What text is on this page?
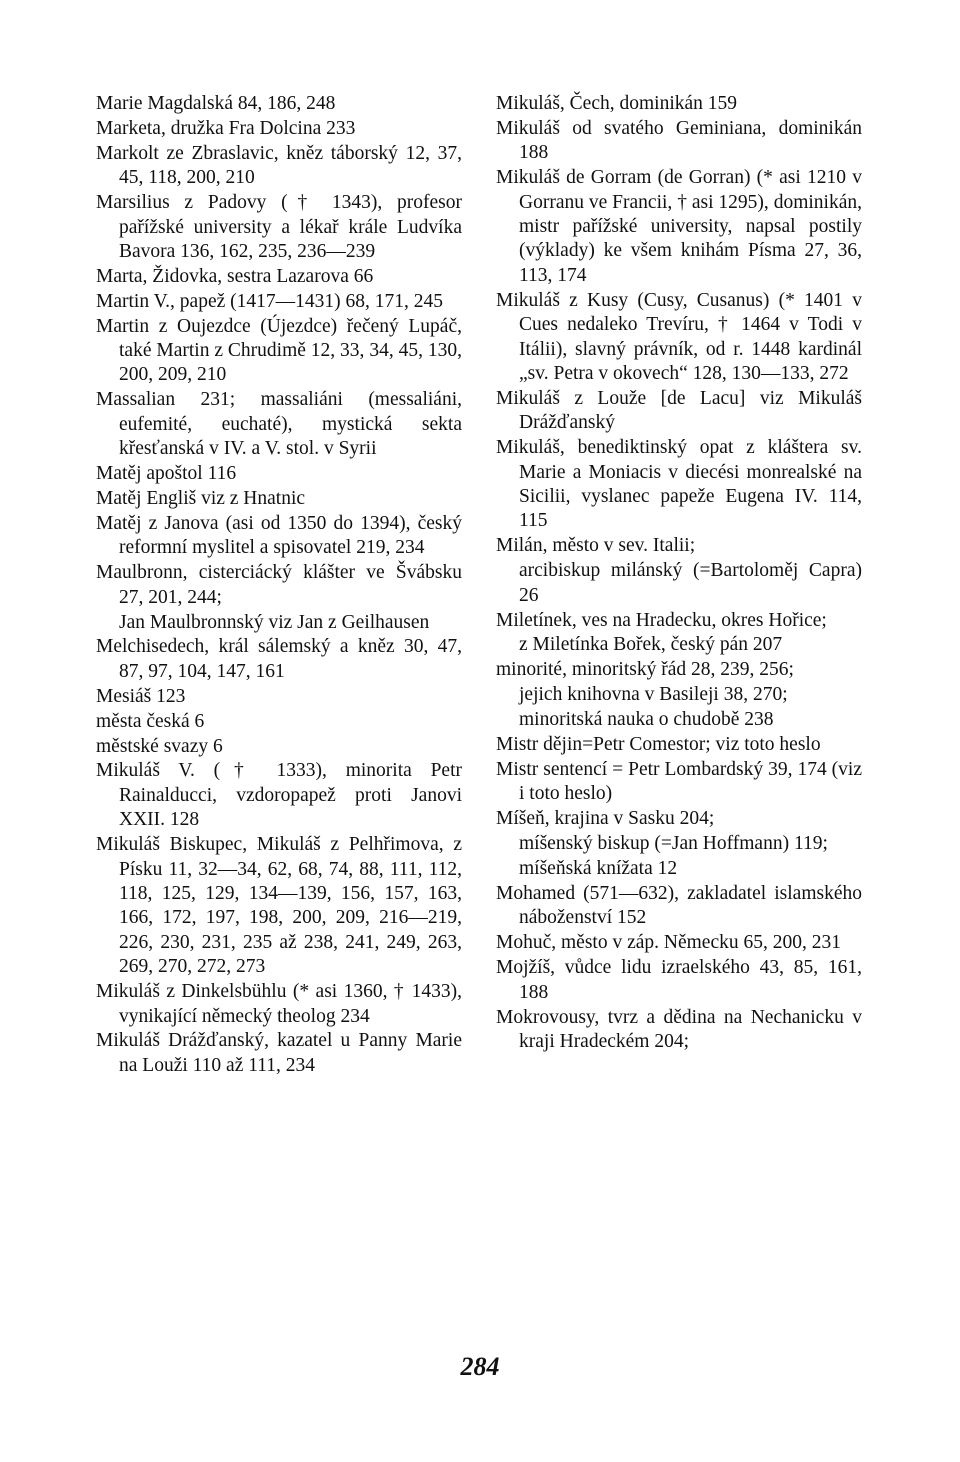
Marie Magdalská 84, 186, 248
Marketa, družka Fra Dolcina 233
Markolt ze Zbraslavic, kněz táborský 12, 37, 45, 118, 200, 210
Marsilius z Padovy († 1343), profesor pařížské university a lékař krále Ludvíka Bavora 136, 162, 235, 236—239
Marta, Židovka, sestra Lazarova 66
Martin V., papež (1417—1431) 68, 171, 245
Martin z Oujezdce (Újezdce) řečený Lupáč, také Martin z Chrudimě 12, 33, 34, 45, 130, 200, 209, 210
Massalian 231; massaliáni (messaliáni, eufemité, euchaté), mystická sekta křesťanská v IV. a V. stol. v Syrii
Matěj apoštol 116
Matěj Engliš viz z Hnatnic
Matěj z Janova (asi od 1350 do 1394), český reformní myslitel a spisovatel 219, 234
Maulbronn, cisterciácký klášter ve Švábsku 27, 201, 244;
Jan Maulbronnský viz Jan z Geilhausen
Melchisedech, král sálemský a kněz 30, 47, 87, 97, 104, 147, 161
Mesiáš 123
města česká 6
městské svazy 6
Mikuláš V. († 1333), minorita Petr Rainalducci, vzdoropapež proti Janovi XXII. 128
Mikuláš Biskupec, Mikuláš z Pelhřimova, z Písku 11, 32—34, 62, 68, 74, 88, 111, 112, 118, 125, 129, 134—139, 156, 157, 163, 166, 172, 197, 198, 200, 209, 216—219, 226, 230, 231, 235 až 238, 241, 249, 263, 269, 270, 272, 273
Mikuláš z Dinkelsbühlu (* asi 1360, † 1433), vynikající německý theolog 234
Mikuláš Drážďanský, kazatel u Panny Marie na Louži 110 až 111, 234
Mikuláš, Čech, dominikán 159
Mikuláš od svatého Geminiana, dominikán 188
Mikuláš de Gorram (de Gorran) (* asi 1210 v Gorranu ve Francii, † asi 1295), dominikán, mistr pařížské university, napsal postily (výklady) ke všem knihám Písma 27, 36, 113, 174
Mikuláš z Kusy (Cusy, Cusanus) (* 1401 v Cues nedaleko Trevíru, † 1464 v Todi v Itálii), slavný právník, od r. 1448 kardinál „sv. Petra v okovech“ 128, 130—133, 272
Mikuláš z Louže [de Lacu] viz Mikuláš Drážďanský
Mikuláš, benediktinský opat z kláštera sv. Marie a Moniacis v diecési monrealské na Sicilii, vyslanec papeže Eugena IV. 114, 115
Milán, město v sev. Italii;
arcibiskup milánský (=Bartoloměj Capra) 26
Miletínek, ves na Hradecku, okres Hořice;
z Miletínka Bořek, český pán 207
minorité, minoritský řád 28, 239, 256;
jejich knihovna v Basileji 38, 270;
minoritská nauka o chudobě 238
Mistr dějin=Petr Comestor; viz toto heslo
Mistr sentencí = Petr Lombardský 39, 174 (viz i toto heslo)
Míšeň, krajina v Sasku 204;
míšenský biskup (=Jan Hoffmann) 119;
míšeňská knížata 12
Mohamed (571—632), zakladatel islamského náboženství 152
Mohuč, město v záp. Německu 65, 200, 231
Mojžíš, vůdce lidu izraelského 43, 85, 161, 188
Mokrovousy, tvrz a dědina na Nechanicku v kraji Hradeckém 204;
284
